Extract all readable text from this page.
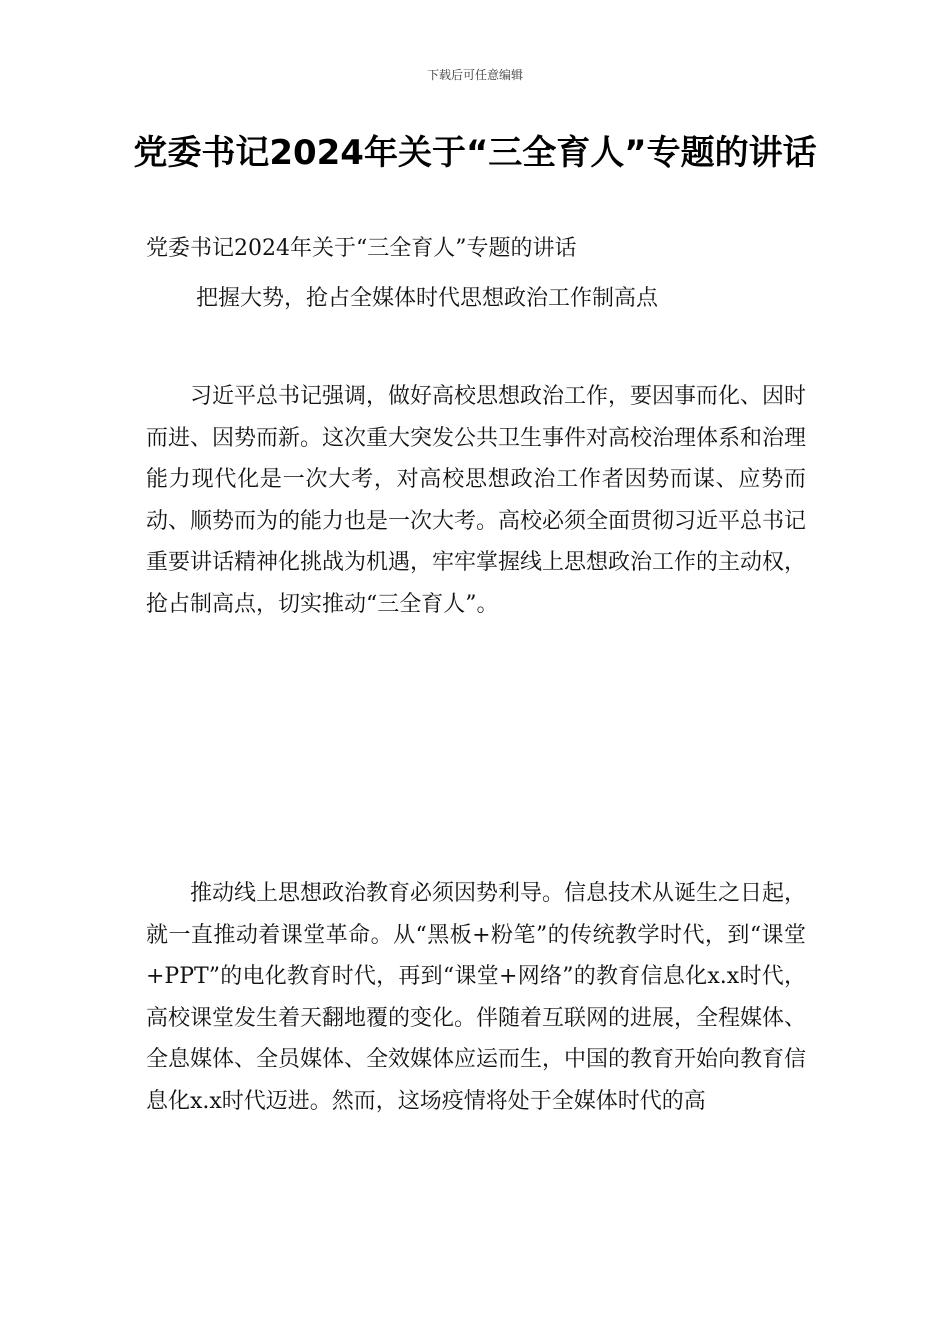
下载后可任意编辑
党委书记2024年关于“三全育人”专题的讲话
党委书记2024年关于“三全育人”专题的讲话
把握大势，抢占全媒体时代思想政治工作制高点

习近平总书记强调，做好高校思想政治工作，要因事而化、因时而进、因势而新。这次重大突发公共卫生事件对高校治理体系和治理能力现代化是一次大考，对高校思想政治工作者因势而谋、应势而动、顺势而为的能力也是一次大考。高校必须全面贯彻习近平总书记重要讲话精神化挑战为机遇，牢牢掌握线上思想政治工作的主动权，抢占制高点，切实推动“三全育人”。

推动线上思想政治教育必须因势利导。信息技术从诞生之日起，就一直推动着课堂革命。从“黑板+粉笔”的传统教学时代，到“课堂+PPT”的电化教育时代，再到“课堂+网络”的教育信息化x.x时代，高校课堂发生着天翻地覆的变化。伴随着互联网的进展，全程媒体、全息媒体、全员媒体、全效媒体应运而生，中国的教育开始向教育信息化x.x时代迈进。然而，这场疫情将处于全媒体时代的高
